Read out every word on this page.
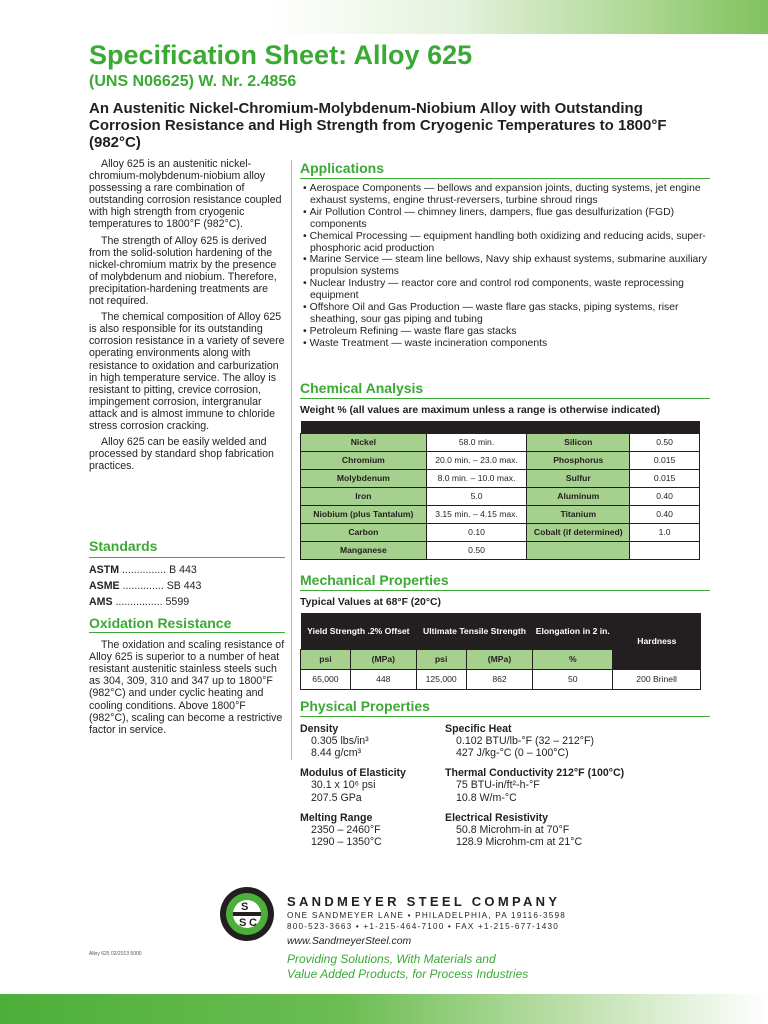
Specification Sheet: Alloy 625
(UNS N06625) W. Nr. 2.4856
An Austenitic Nickel-Chromium-Molybdenum-Niobium Alloy with Outstanding Corrosion Resistance and High Strength from Cryogenic Temperatures to 1800°F (982°C)

Alloy 625 is an austenitic nickel-chromium-molybdenum-niobium alloy possessing a rare combination of outstanding corrosion resistance coupled with high strength from cryogenic temperatures to 1800°F (982°C).

The strength of Alloy 625 is derived from the solid-solution hardening of the nickel-chromium matrix by the presence of molybdenum and niobium. Therefore, precipitation-hardening treatments are not required.

The chemical composition of Alloy 625 is also responsible for its outstanding corrosion resistance in a variety of severe operating environments along with resistance to oxidation and carburization in high temperature service. The alloy is resistant to pitting, crevice corrosion, impingement corrosion, intergranular attack and is almost immune to chloride stress corrosion cracking.

Alloy 625 can be easily welded and processed by standard shop fabrication practices.

Standards
ASTM ............... B 443
ASME .............. SB 443
AMS ................ 5599
Oxidation Resistance

The oxidation and scaling resistance of Alloy 625 is superior to a number of heat resistant austenitic stainless steels such as 304, 309, 310 and 347 up to 1800°F (982°C) and under cyclic heating and cooling conditions. Above 1800°F (982°C), scaling can become a restrictive factor in service.

Applications
• Aerospace Components — bellows and expansion joints, ducting systems, jet engine exhaust systems, engine thrust-reversers, turbine shroud rings
• Air Pollution Control — chimney liners, dampers, flue gas desulfurization (FGD) components
• Chemical Processing — equipment handling both oxidizing and reducing acids, super-phosphoric acid production
• Marine Service — steam line bellows, Navy ship exhaust systems, submarine auxiliary propulsion systems
• Nuclear Industry — reactor core and control rod components, waste reprocessing equipment
• Offshore Oil and Gas Production — waste flare gas stacks, piping systems, riser sheathing, sour gas piping and tubing
• Petroleum Refining — waste flare gas stacks
• Waste Treatment — waste incineration components
Chemical Analysis
Weight % (all values are maximum unless a range is otherwise indicated)

Nickel	58.0 min.	Silicon	0.50
Chromium	20.0 min. – 23.0 max.	Phosphorus	0.015
Molybdenum	8.0 min. – 10.0 max.	Sulfur	0.015
Iron	5.0	Aluminum	0.40
Niobium (plus Tantalum)	3.15 min. – 4.15 max.	Titanium	0.40
Carbon	0.10	Cobalt (if determined)	1.0
Manganese	0.50		
Mechanical Properties
Typical Values at 68°F (20°C)
Yield Strength .2% Offset		Ultimate Tensile Strength		Elongation in 2 in.	Hardness
psi	(MPa)	psi	(MPa)	%	
65,000	448	125,000	862	50	200 Brinell
Physical Properties
Density
0.305 lbs/in³
8.44 g/cm³
Specific Heat
0.102 BTU/lb-°F (32 – 212°F)
427 J/kg-°C (0 – 100°C)
Modulus of Elasticity
30.1 x 10⁶ psi
207.5 GPa
Thermal Conductivity 212°F (100°C)
75 BTU-in/ft²-h-°F
10.8 W/m-°C
Melting Range
2350 – 2460°F
1290 – 1350°C
Electrical Resistivity
50.8 Microhm-in at 70°F
128.9 Microhm-cm at 21°C
S
S C
SANDMEYER STEEL COMPANY
ONE SANDMEYER LANE • PHILADELPHIA, PA 19116-3598
800-523-3663 • +1-215-464-7100 • FAX +1-215-677-1430
www.SandmeyerSteel.com
Providing Solutions, With Materials and
Value Added Products, for Process Industries
Alloy 625 02/2013 5000
